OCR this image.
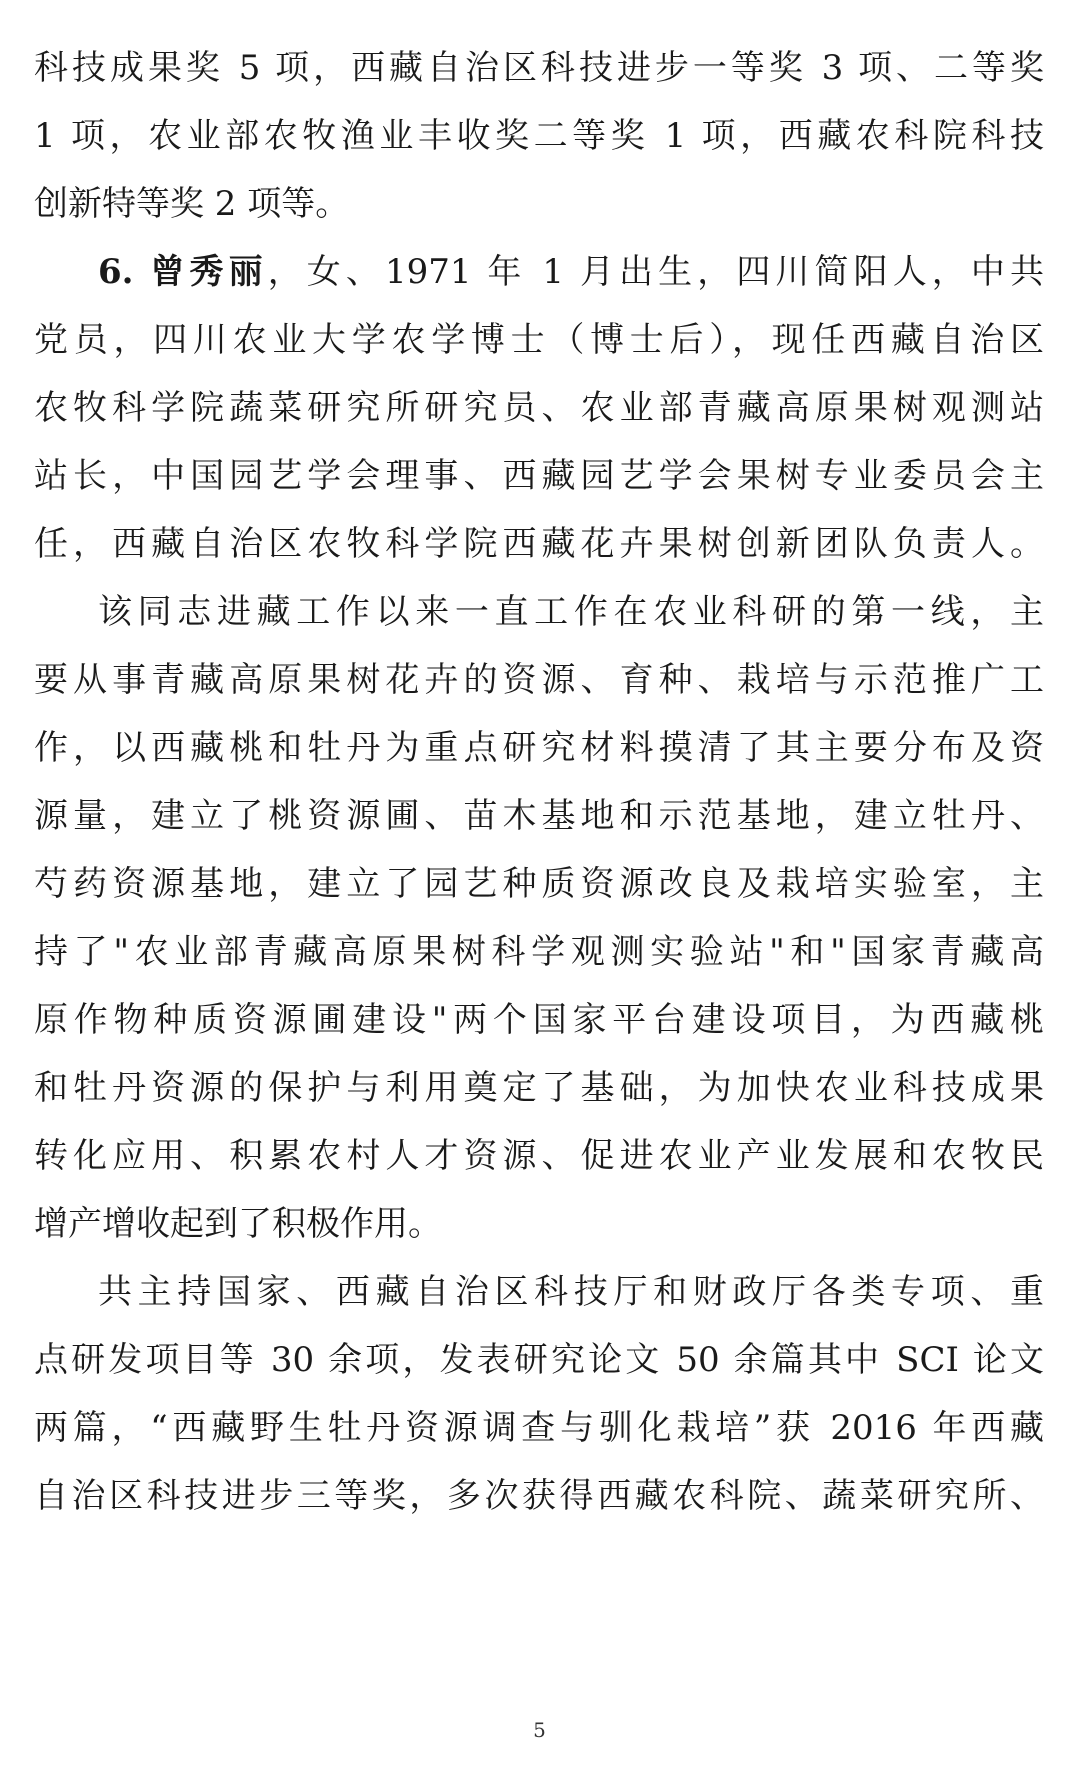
科技成果奖 5 项，西藏自治区科技进步一等奖 3 项、二等奖
1 项，农业部农牧渔业丰收奖二等奖 1 项，西藏农科院科技
创新特等奖 2 项等。
6. 曾秀丽，女、1971 年 1 月出生，四川简阳人，中共
党员，四川农业大学农学博士（博士后），现任西藏自治区
农牧科学院蔬菜研究所研究员、农业部青藏高原果树观测站
站长，中国园艺学会理事、西藏园艺学会果树专业委员会主
任，西藏自治区农牧科学院西藏花卉果树创新团队负责人。
该同志进藏工作以来一直工作在农业科研的第一线，主
要从事青藏高原果树花卉的资源、育种、栽培与示范推广工
作，以西藏桃和牡丹为重点研究材料摸清了其主要分布及资
源量，建立了桃资源圃、苗木基地和示范基地，建立牡丹、
芍药资源基地，建立了园艺种质资源改良及栽培实验室，主
持了"农业部青藏高原果树科学观测实验站"和"国家青藏高
原作物种质资源圃建设"两个国家平台建设项目，为西藏桃
和牡丹资源的保护与利用奠定了基础，为加快农业科技成果
转化应用、积累农村人才资源、促进农业产业发展和农牧民
增产增收起到了积极作用。
共主持国家、西藏自治区科技厅和财政厅各类专项、重
点研发项目等 30 余项，发表研究论文 50 余篇其中 SCI 论文
两篇，“西藏野生牡丹资源调查与驯化栽培”获 2016 年西藏
自治区科技进步三等奖，多次获得西藏农科院、蔬菜研究所、
5
